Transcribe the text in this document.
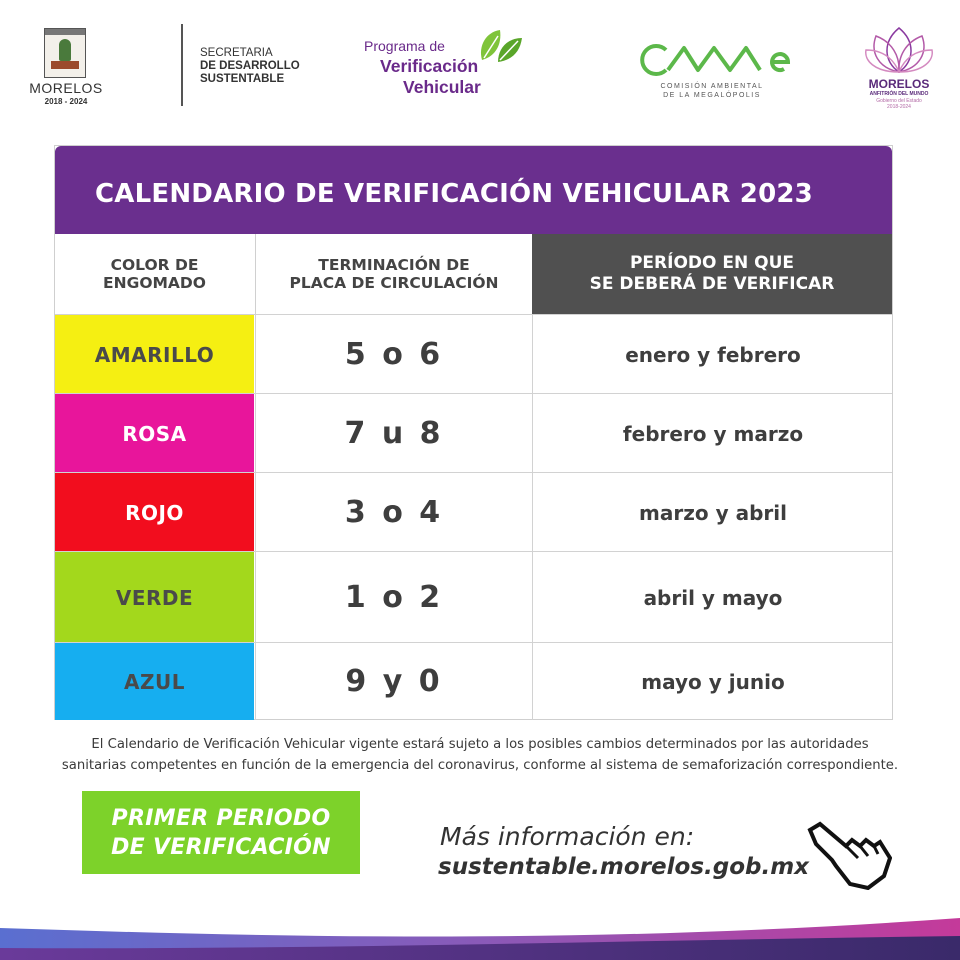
MORELOS
2018 - 2024
SECRETARIA
DE DESARROLLO
SUSTENTABLE
Programa de
Verificación
Vehicular	COMISIÓN AMBIENTAL
DE LA MEGALÓPOLIS
MORELOS
ANFITRIÓN DEL MUNDO
Gobierno del Estado
2018-2024
CALENDARIO DE VERIFICACIÓN VEHICULAR 2023
COLOR DE
ENGOMADO
TERMINACIÓN DE
PLACA DE CIRCULACIÓN
PERÍODO EN QUE
SE DEBERÁ DE VERIFICAR
AMARILLO	5 o 6	enero y febrero
ROSA	7 u 8	febrero y marzo
ROJO	3 o 4	marzo y abril
VERDE	1 o 2	abril y mayo
AZUL	9 y 0	mayo y junio
El Calendario de Verificación Vehicular vigente estará sujeto a los posibles cambios determinados por las autoridades
sanitarias competentes en función de la emergencia del coronavirus, conforme al sistema de semaforización correspondiente.
PRIMER PERIODO
DE VERIFICACIÓN	Más información en:
sustentable.morelos.gob.mx
